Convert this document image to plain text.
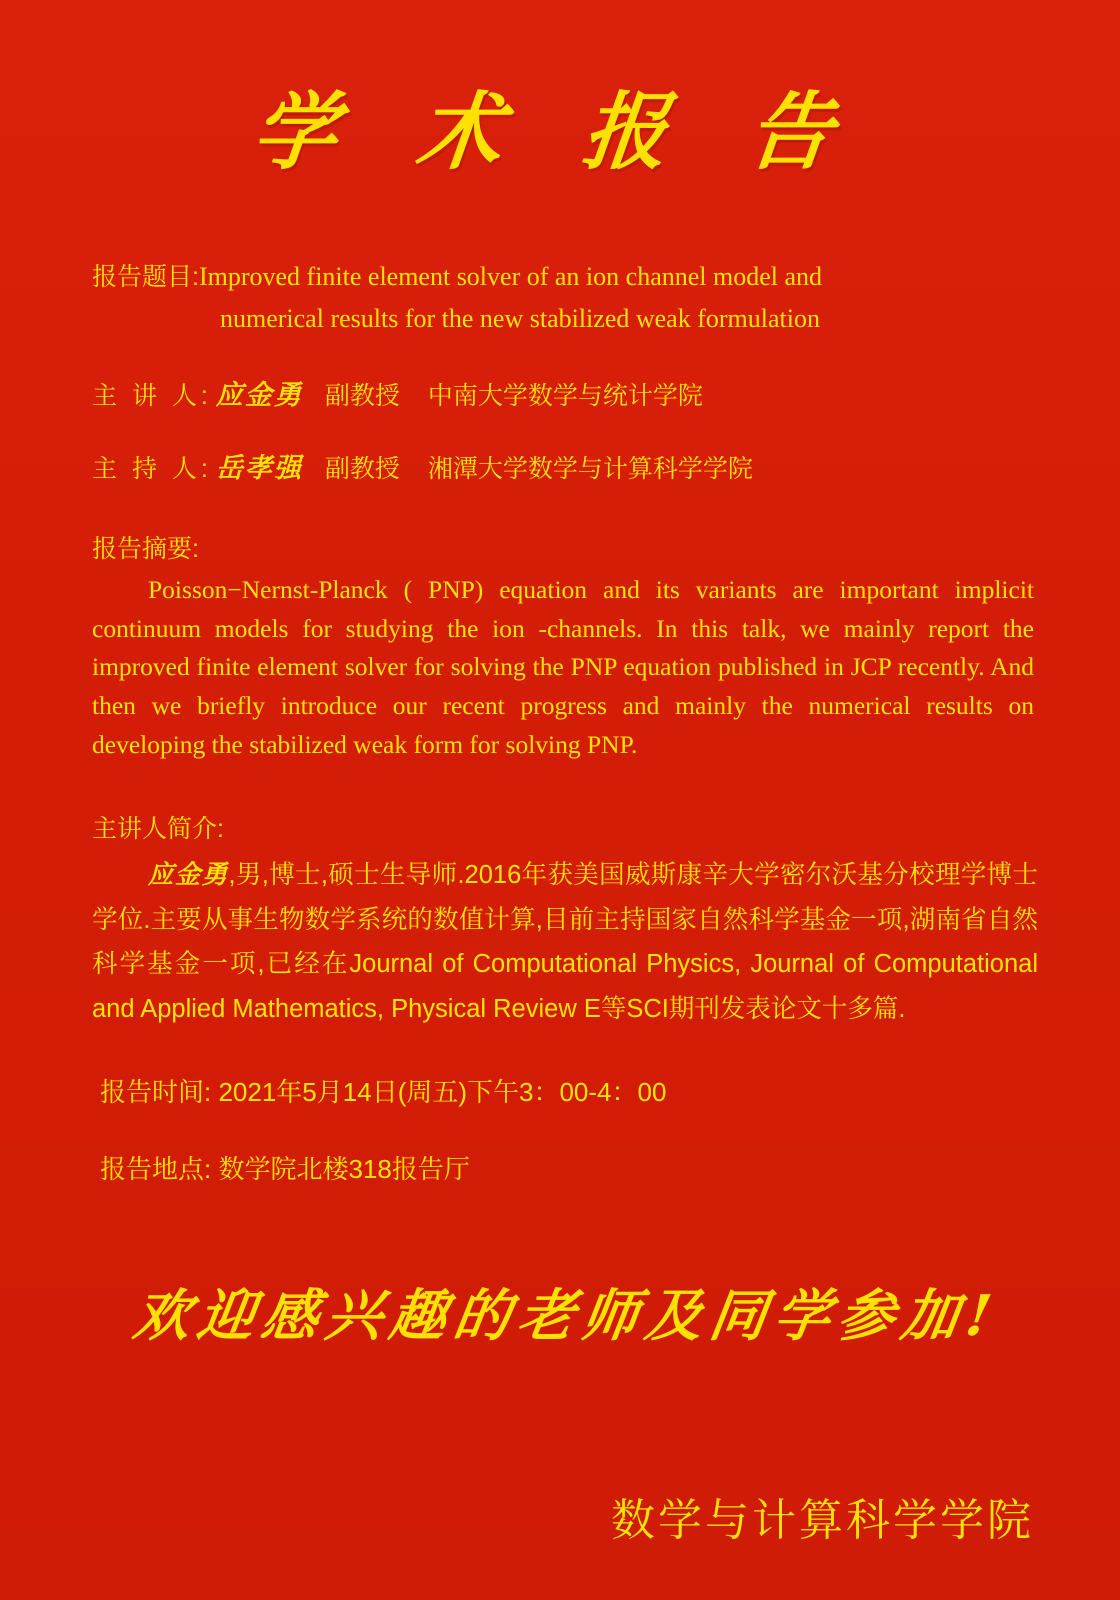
学 术 报 告
报告题目:Improved finite element solver of an ion channel model and
numerical results for the new stabilized weak formulation
主 讲 人: 应金勇 副教授 中南大学数学与统计学院
主 持 人: 岳孝强 副教授 湘潭大学数学与计算科学学院
报告摘要:
Poisson−Nernst-Planck ( PNP) equation and its variants are important implicit continuum models for studying the ion -channels. In this talk, we mainly report the improved finite element solver for solving the PNP equation published in JCP recently. And then we briefly introduce our recent progress and mainly the numerical results on developing the stabilized weak form for solving PNP.
主讲人简介:
应金勇,男,博士,硕士生导师.2016年获美国威斯康辛大学密尔沃基分校理学博士学位.主要从事生物数学系统的数值计算,目前主持国家自然科学基金一项,湖南省自然科学基金一项,已经在Journal of Computational Physics, Journal of Computational and Applied Mathematics, Physical Review E等SCI期刊发表论文十多篇.
报告时间: 2021年5月14日(周五)下午3：00-4：00
报告地点: 数学院北楼318报告厅
欢迎感兴趣的老师及同学参加!
数学与计算科学学院
